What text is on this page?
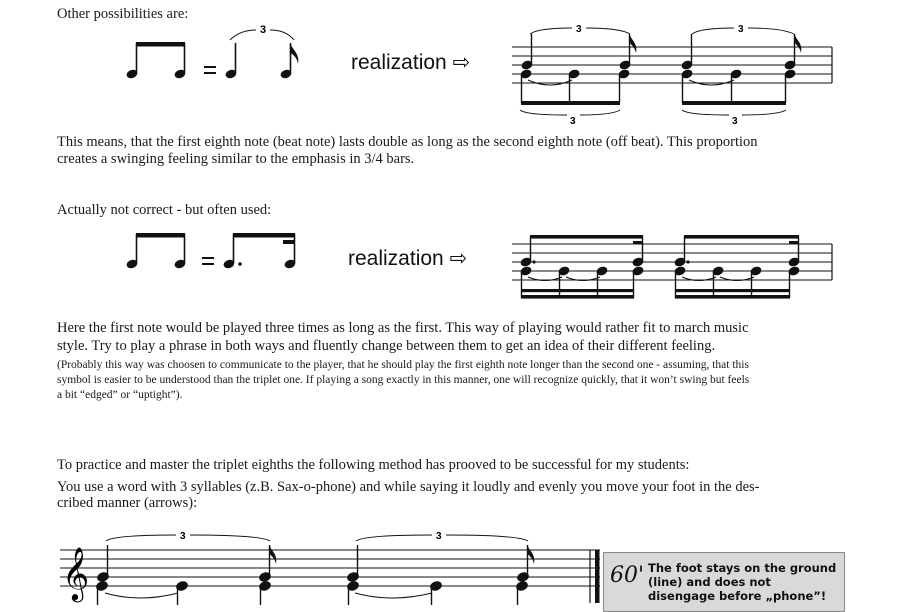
Other possibilities are:
3
realization ⇨
3	3
3	3
This means, that the first eighth note (beat note) lasts double as long as the second eighth note (off beat). This proportion
creates a swinging feeling similar to the emphasis in 3/4 bars.
Actually not correct - but often used:
realization ⇨
Here the first note would be played three times as long as the first. This way of playing would rather fit to march music
style. Try to play a phrase in both ways and fluently change between them to get an idea of their different feeling.
(Probably this way was choosen to communicate to the player, that he should play the first eighth note longer than the second one - assuming, that this
symbol is easier to be understood than the triplet one. If playing a song exactly in this manner, one will recognize quickly, that it won’t swing but feels
a bit “edged” or “uptight”).
To practice and master the triplet eighths the following method has prooved to be successful for my students:
You use a word with 3 syllables (z.B. Sax-o-phone) and while saying it loudly and evenly you move your foot in the des-
cribed manner (arrows):
𝄞
3	3
60' The foot stays on the ground (line) and does not disengage before „phone”!
